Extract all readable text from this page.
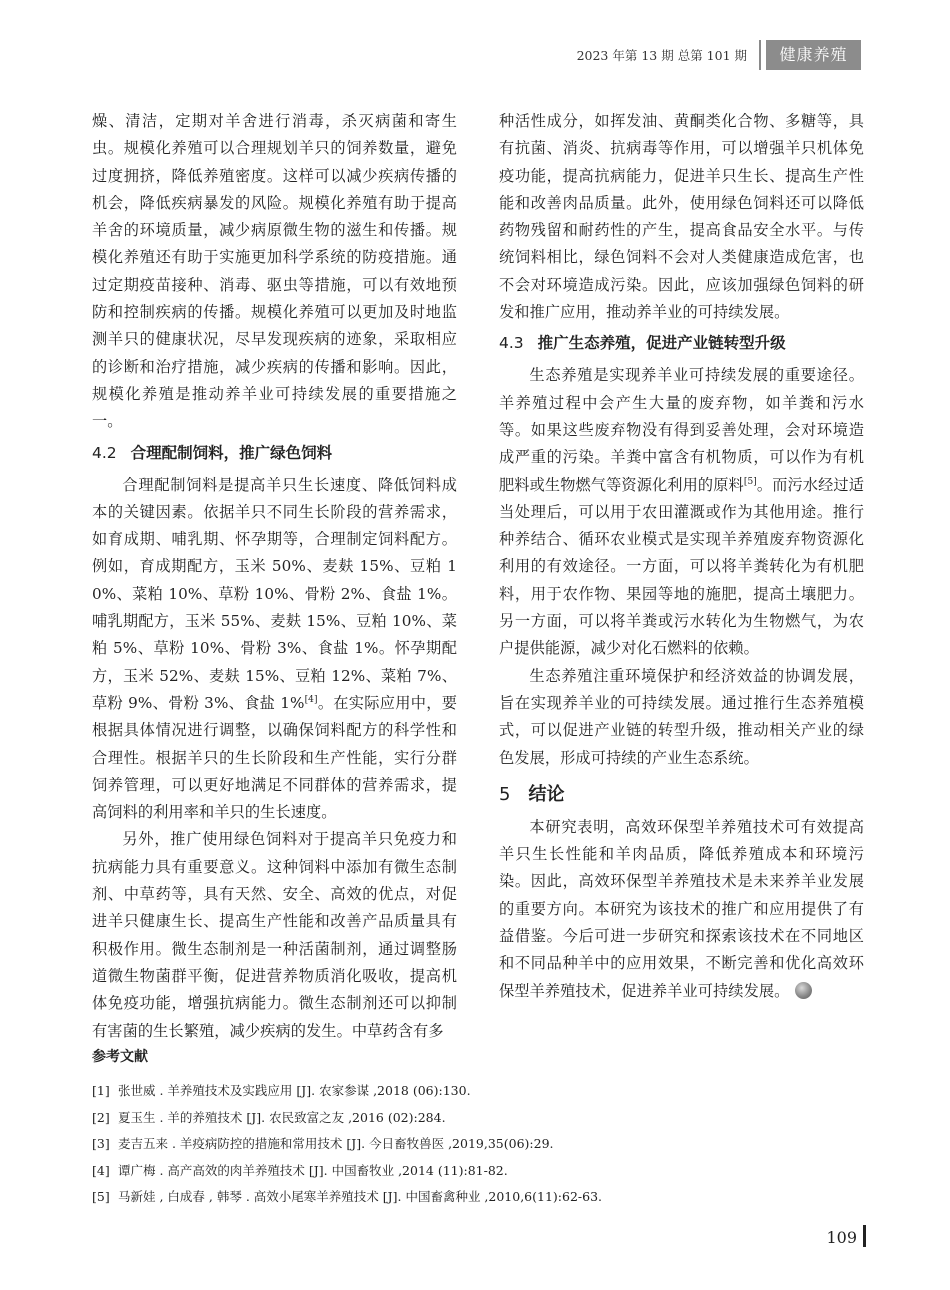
2023 年第 13 期 总第 101 期	健康养殖

燥、清洁，定期对羊舍进行消毒，杀灭病菌和寄生虫。规模化养殖可以合理规划羊只的饲养数量，避免过度拥挤，降低养殖密度。这样可以减少疾病传播的机会，降低疾病暴发的风险。规模化养殖有助于提高羊舍的环境质量，减少病原微生物的滋生和传播。规模化养殖还有助于实施更加科学系统的防疫措施。通过定期疫苗接种、消毒、驱虫等措施，可以有效地预防和控制疾病的传播。规模化养殖可以更加及时地监测羊只的健康状况，尽早发现疾病的迹象，采取相应的诊断和治疗措施，减少疾病的传播和影响。因此，规模化养殖是推动养羊业可持续发展的重要措施之一。

4.2 合理配制饲料，推广绿色饲料

合理配制饲料是提高羊只生长速度、降低饲料成本的关键因素。依据羊只不同生长阶段的营养需求，如育成期、哺乳期、怀孕期等，合理制定饲料配方。例如，育成期配方，玉米 50%、麦麸 15%、豆粕 10%、菜粕 10%、草粉 10%、骨粉 2%、食盐 1%。哺乳期配方，玉米 55%、麦麸 15%、豆粕 10%、菜粕 5%、草粉 10%、骨粉 3%、食盐 1%。怀孕期配方，玉米 52%、麦麸 15%、豆粕 12%、菜粕 7%、草粉 9%、骨粉 3%、食盐 1%[4]。在实际应用中，要根据具体情况进行调整，以确保饲料配方的科学性和合理性。根据羊只的生长阶段和生产性能，实行分群饲养管理，可以更好地满足不同群体的营养需求，提高饲料的利用率和羊只的生长速度。

另外，推广使用绿色饲料对于提高羊只免疫力和抗病能力具有重要意义。这种饲料中添加有微生态制剂、中草药等，具有天然、安全、高效的优点，对促进羊只健康生长、提高生产性能和改善产品质量具有积极作用。微生态制剂是一种活菌制剂，通过调整肠道微生物菌群平衡，促进营养物质消化吸收，提高机体免疫功能，增强抗病能力。微生态制剂还可以抑制有害菌的生长繁殖，减少疾病的发生。中草药含有多

种活性成分，如挥发油、黄酮类化合物、多糖等，具有抗菌、消炎、抗病毒等作用，可以增强羊只机体免疫功能，提高抗病能力，促进羊只生长、提高生产性能和改善肉品质量。此外，使用绿色饲料还可以降低药物残留和耐药性的产生，提高食品安全水平。与传统饲料相比，绿色饲料不会对人类健康造成危害，也不会对环境造成污染。因此，应该加强绿色饲料的研发和推广应用，推动养羊业的可持续发展。

4.3 推广生态养殖，促进产业链转型升级

生态养殖是实现养羊业可持续发展的重要途径。羊养殖过程中会产生大量的废弃物，如羊粪和污水等。如果这些废弃物没有得到妥善处理，会对环境造成严重的污染。羊粪中富含有机物质，可以作为有机肥料或生物燃气等资源化利用的原料[5]。而污水经过适当处理后，可以用于农田灌溉或作为其他用途。推行种养结合、循环农业模式是实现羊养殖废弃物资源化利用的有效途径。一方面，可以将羊粪转化为有机肥料，用于农作物、果园等地的施肥，提高土壤肥力。另一方面，可以将羊粪或污水转化为生物燃气，为农户提供能源，减少对化石燃料的依赖。

生态养殖注重环境保护和经济效益的协调发展，旨在实现养羊业的可持续发展。通过推行生态养殖模式，可以促进产业链的转型升级，推动相关产业的绿色发展，形成可持续的产业生态系统。

5 结论

本研究表明，高效环保型羊养殖技术可有效提高羊只生长性能和羊肉品质，降低养殖成本和环境污染。因此，高效环保型羊养殖技术是未来养羊业发展的重要方向。本研究为该技术的推广和应用提供了有益借鉴。今后可进一步研究和探索该技术在不同地区和不同品种羊中的应用效果，不断完善和优化高效环保型羊养殖技术，促进养羊业可持续发展。

参考文献
[1] 张世威 . 羊养殖技术及实践应用 [J]. 农家参谋 ,2018 (06):130.
[2] 夏玉生 . 羊的养殖技术 [J]. 农民致富之友 ,2016 (02):284.
[3] 麦吉五来 . 羊疫病防控的措施和常用技术 [J]. 今日畜牧兽医 ,2019,35(06):29.
[4] 谭广梅 . 高产高效的肉羊养殖技术 [J]. 中国畜牧业 ,2014 (11):81-82.
[5] 马新娃 , 白成春 , 韩琴 . 高效小尾寒羊养殖技术 [J]. 中国畜禽种业 ,2010,6(11):62-63.
109
